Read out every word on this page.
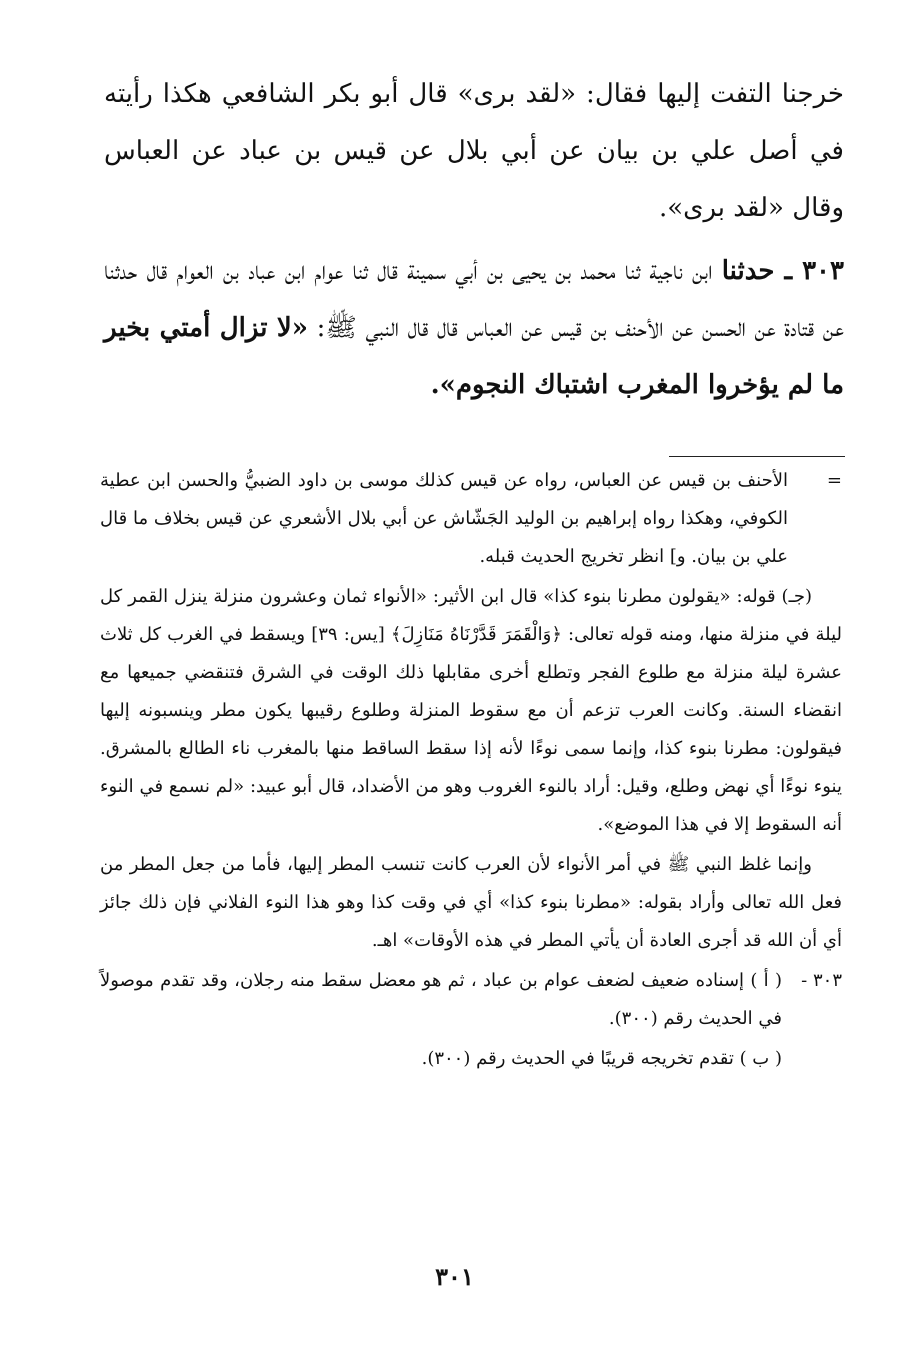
خرجنا التفت إليها فقال: «لقد برى» قال أبو بكر الشافعي هكذا رأيته في أصل علي بن بيان عن أبي بلال عن قيس بن عباد عن العباس وقال «لقد برى».

٣٠٣ ـ حدثنا ابن ناجية ثنا محمد بن يحيى بن أبي سمينة قال ثنا عوام ابن عباد بن العوام قال حدثنا عن قتادة عن الحسن عن الأحنف بن قيس عن العباس قال قال النبي ﷺ: «لا تزال أمتي بخير ما لم يؤخروا المغرب اشتباك النجوم».

=
الأحنف بن قيس عن العباس، رواه عن قيس كذلك موسى بن داود الضبيُّ والحسن ابن عطية الكوفي، وهكذا رواه إبراهيم بن الوليد الجَشّاش عن أبي بلال الأشعري عن قيس بخلاف ما قال علي بن بيان. و] انظر تخريج الحديث قبله.

(جـ) قوله: «يقولون مطرنا بنوء كذا» قال ابن الأثير: «الأنواء ثمان وعشرون منزلة ينزل القمر كل ليلة في منزلة منها، ومنه قوله تعالى: ﴿وَالْقَمَرَ قَدَّرْنَاهُ مَنَازِلَ﴾ [يس: ٣٩] ويسقط في الغرب كل ثلاث عشرة ليلة منزلة مع طلوع الفجر وتطلع أخرى مقابلها ذلك الوقت في الشرق فتنقضي جميعها مع انقضاء السنة. وكانت العرب تزعم أن مع سقوط المنزلة وطلوع رقيبها يكون مطر وينسبونه إليها فيقولون: مطرنا بنوء كذا، وإنما سمى نوءًا لأنه إذا سقط الساقط منها بالمغرب ناء الطالع بالمشرق. ينوء نوءًا أي نهض وطلع، وقيل: أراد بالنوء الغروب وهو من الأضداد، قال أبو عبيد: «لم نسمع في النوء أنه السقوط إلا في هذا الموضع».

وإنما غلظ النبي ﷺ في أمر الأنواء لأن العرب كانت تنسب المطر إليها، فأما من جعل المطر من فعل الله تعالى وأراد بقوله: «مطرنا بنوء كذا» أي في وقت كذا وهو هذا النوء الفلاني فإن ذلك جائز أي أن الله قد أجرى العادة أن يأتي المطر في هذه الأوقات» اهـ.

٣٠٣ -
( أ ) إسناده ضعيف لضعف عوام بن عباد ، ثم هو معضل سقط منه رجلان، وقد تقدم موصولاً في الحديث رقم (٣٠٠).

( ب ) تقدم تخريجه قريبًا في الحديث رقم (٣٠٠).

٣٠١
